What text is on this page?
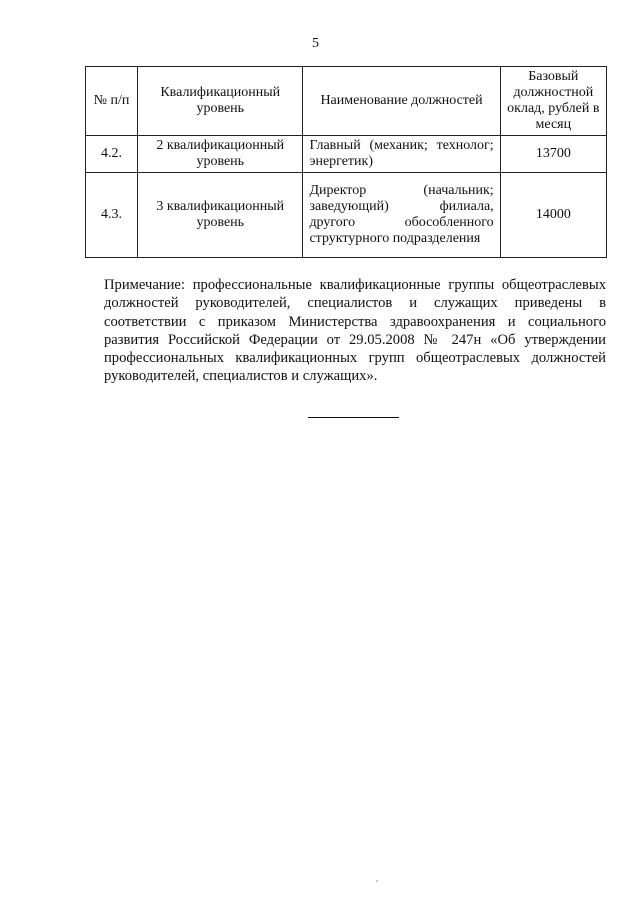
5
№ п/п	Квалификационный уровень	Наименование должностей	Базовый должностной оклад, рублей в месяц
4.2.	2 квалификационный уровень	Главный (механик; технолог; энергетик)	13700
4.3.	3 квалификационный уровень	Директор (начальник; заведующий) филиала, другого обособленного структурного подразделения	14000
Примечание: профессиональные квалификационные группы общеотраслевых должностей руководителей, специалистов и служащих приведены в соответствии с приказом Министерства здравоохранения и социального развития Российской Федерации от 29.05.2008 № 247н «Об утверждении профессиональных квалификационных групп общеотраслевых должностей руководителей, специалистов и служащих».
